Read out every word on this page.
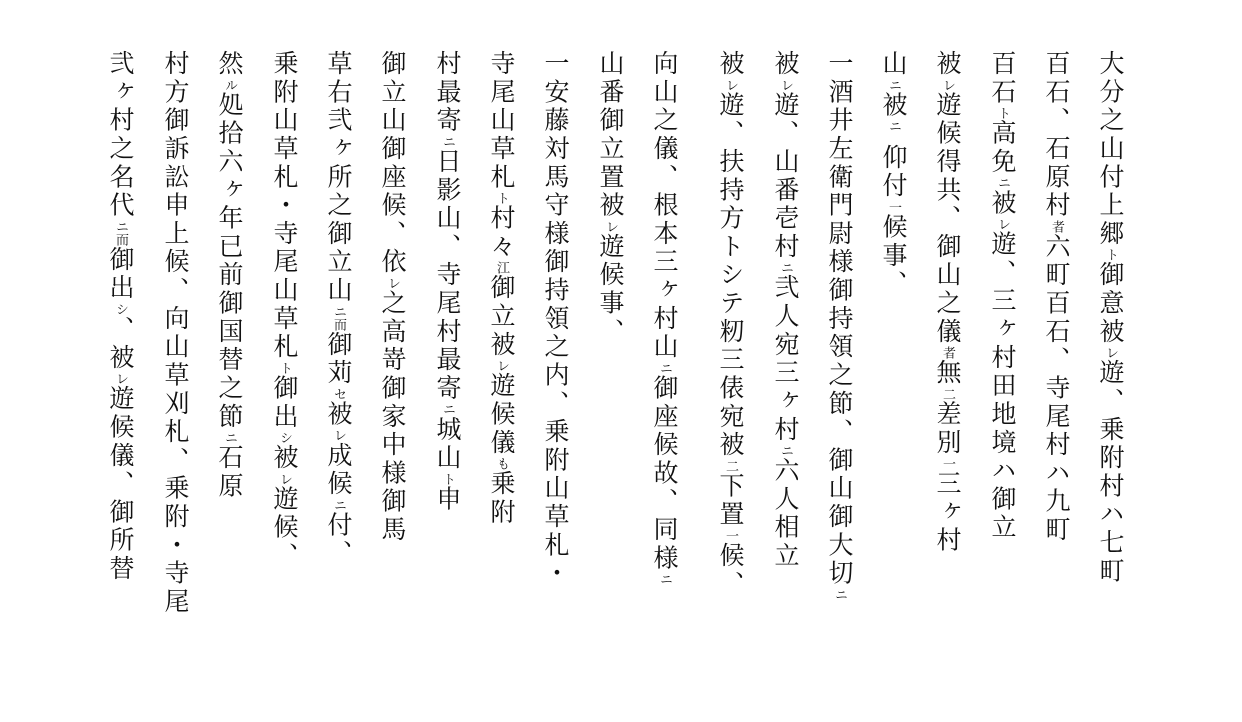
大分之山付上郷ト御意被レ遊、乗附村ハ七町
百石、石原村者六町百石、寺尾村ハ九町
百石ト高免ニ被レ遊、三ヶ村田地境ハ御立
被レ遊候得共、御山之儀者無二差別一三ヶ村
山ニ被ニ 仰付一候事、
一酒井左衛門尉様御持領之節、御山御大切ニ
被レ遊、山番壱村ニ弐人宛三ヶ村ニ六人相立
被レ遊、扶持方トシテ籾三俵宛被二下置一候、
向山之儀、根本三ヶ村山ニ御座候故、同様ニ
山番御立置被レ遊候事、
一安藤対馬守様御持領之内、乗附山草札・
寺尾山草札ト村々江御立被レ遊候儀も乗附
村最寄ニ日影山、寺尾村最寄ニ城山ト申
御立山御座候、依レ之高嵜御家中様御馬
草右弐ヶ所之御立山ニ而御苅セ被レ成候ニ付、
乗附山草札・寺尾山草札ト御出シ被レ遊候、
然ル処拾六ヶ年已前御国替之節ニ石原
村方御訴訟申上候、向山草刈札、乗附・寺尾
弐ヶ村之名代ニ而御出シ、被レ遊候儀、御所替
